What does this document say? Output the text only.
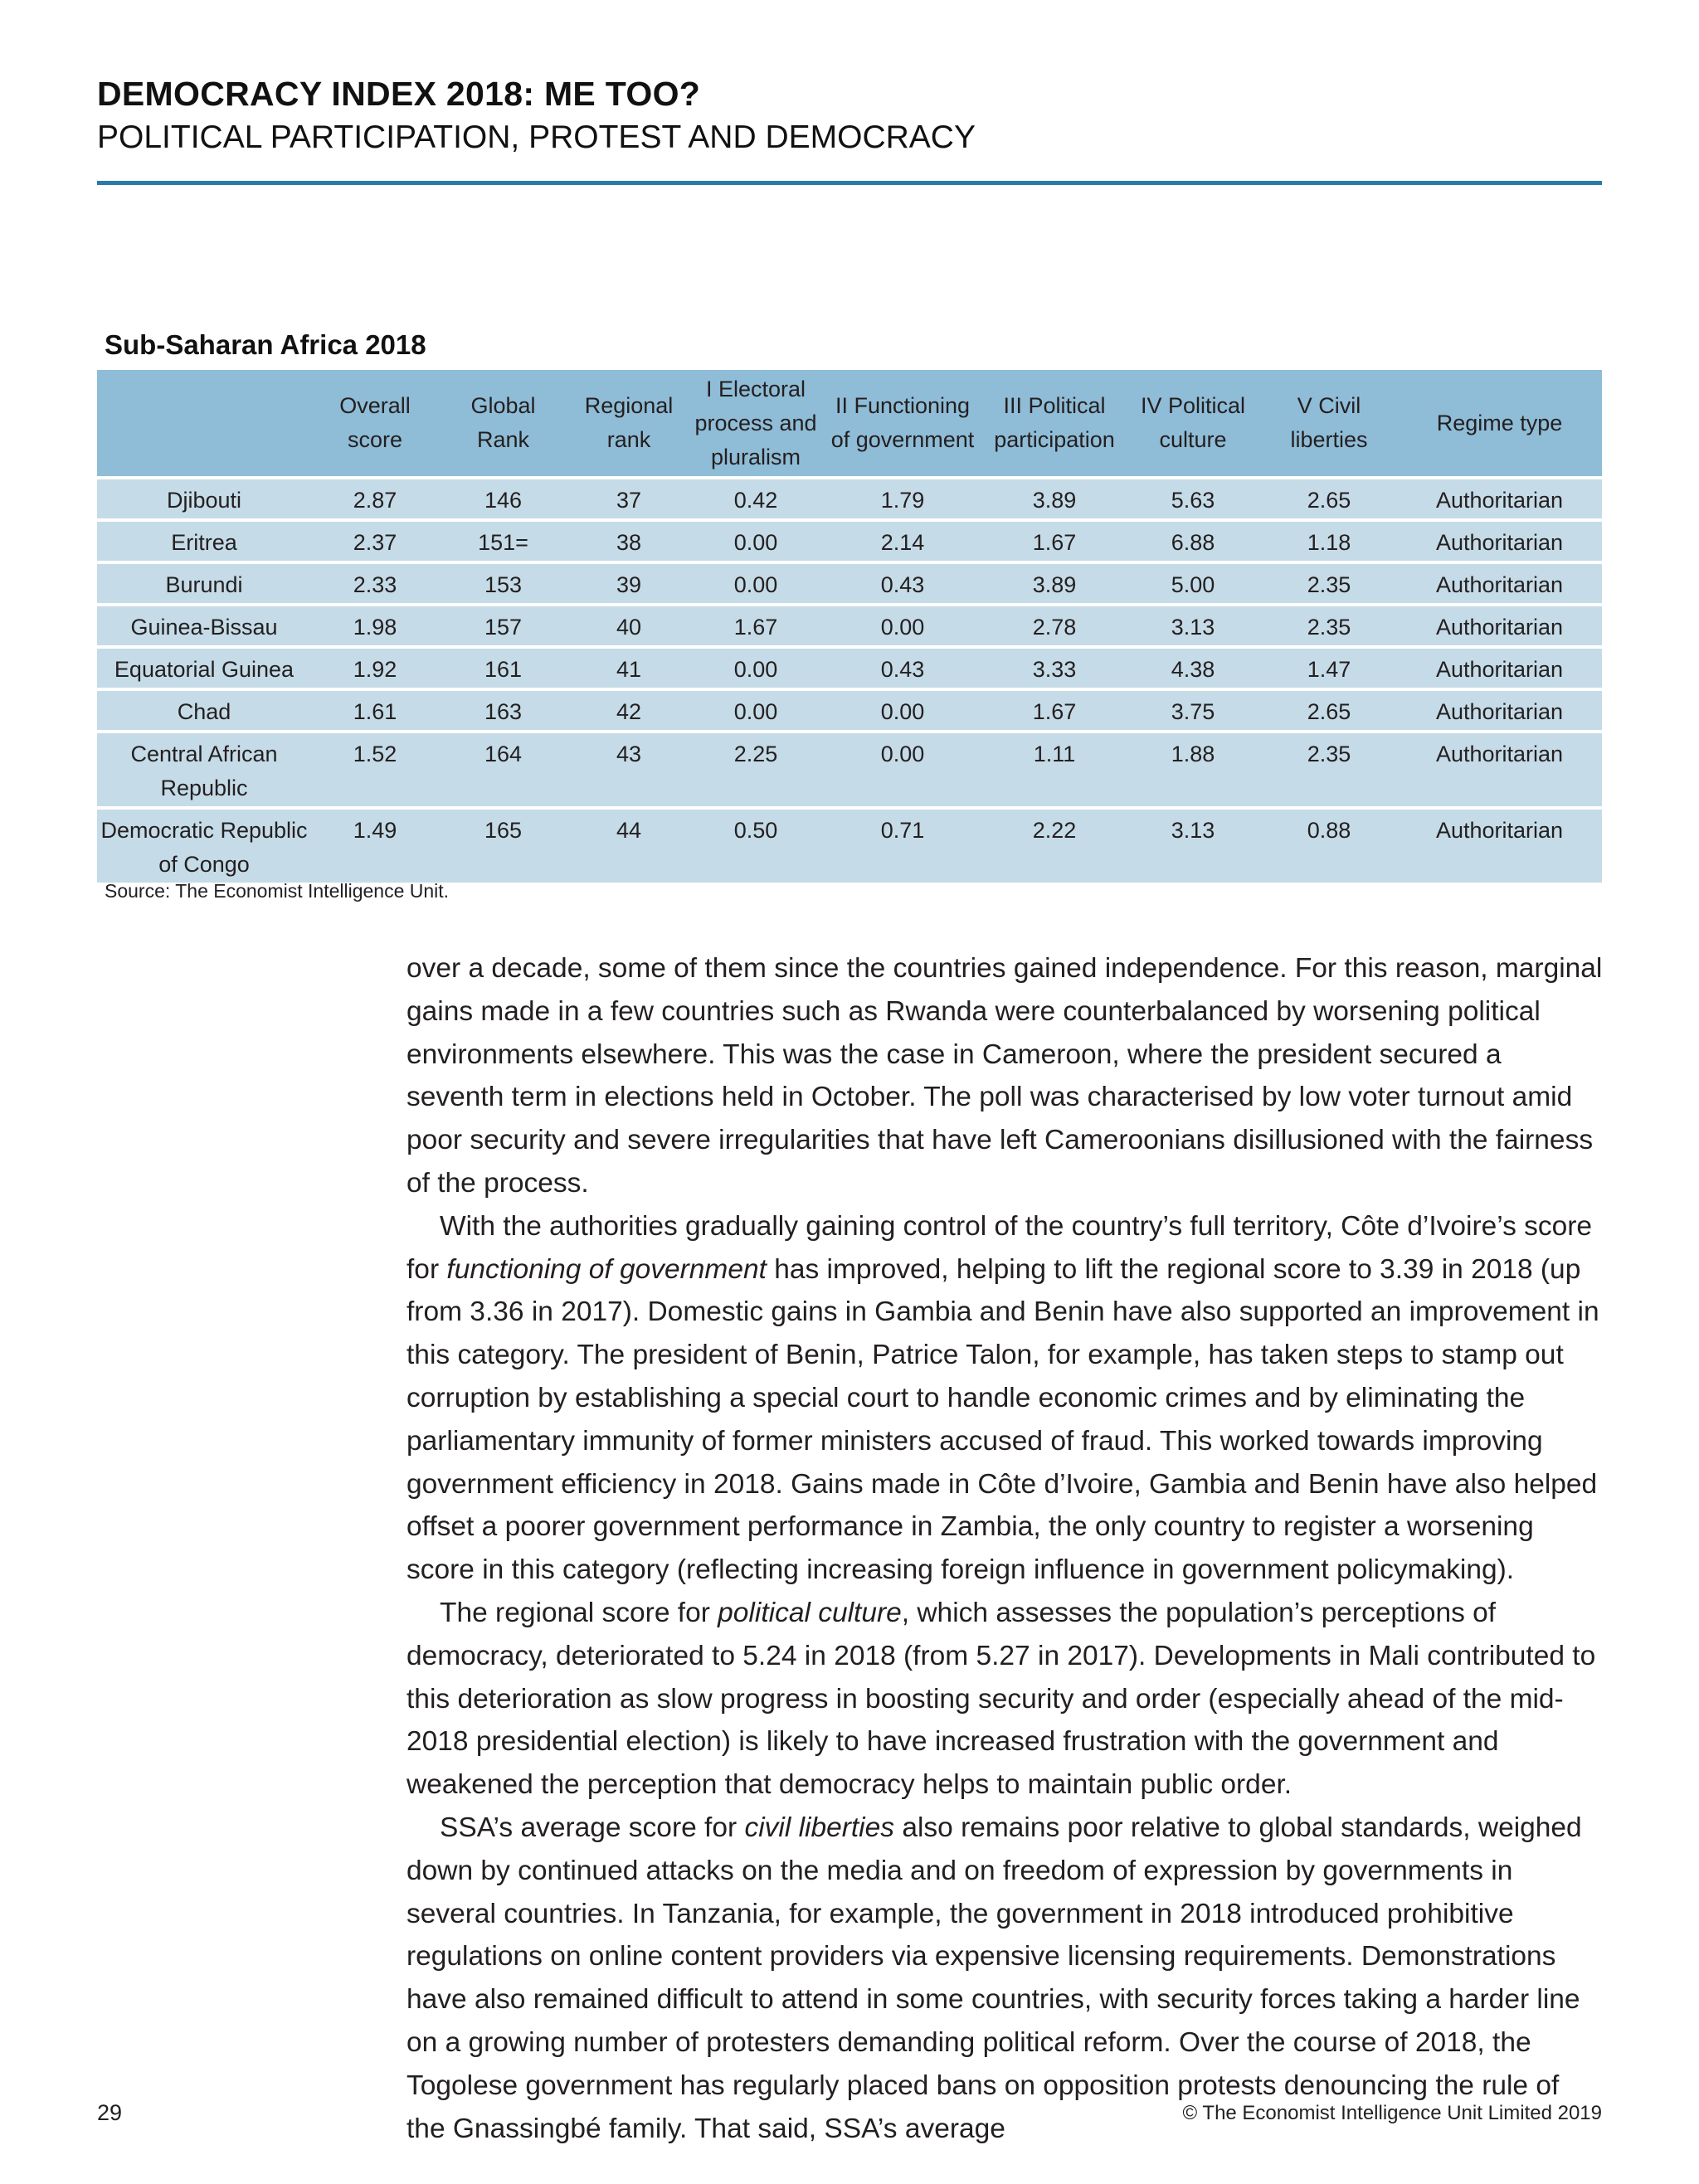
DEMOCRACY INDEX 2018: ME TOO?
POLITICAL PARTICIPATION, PROTEST AND DEMOCRACY
Sub-Saharan Africa 2018
	Overall score	Global Rank	Regional rank	I Electoral process and pluralism	II Functioning of government	III Political participation	IV Political culture	V Civil liberties	Regime type
Djibouti	2.87	146	37	0.42	1.79	3.89	5.63	2.65	Authoritarian
Eritrea	2.37	151=	38	0.00	2.14	1.67	6.88	1.18	Authoritarian
Burundi	2.33	153	39	0.00	0.43	3.89	5.00	2.35	Authoritarian
Guinea-Bissau	1.98	157	40	1.67	0.00	2.78	3.13	2.35	Authoritarian
Equatorial Guinea	1.92	161	41	0.00	0.43	3.33	4.38	1.47	Authoritarian
Chad	1.61	163	42	0.00	0.00	1.67	3.75	2.65	Authoritarian
Central African Republic	1.52	164	43	2.25	0.00	1.11	1.88	2.35	Authoritarian
Democratic Republic of Congo	1.49	165	44	0.50	0.71	2.22	3.13	0.88	Authoritarian
Source: The Economist Intelligence Unit.

over a decade, some of them since the countries gained independence. For this reason, marginal gains made in a few countries such as Rwanda were counterbalanced by worsening political environments elsewhere. This was the case in Cameroon, where the president secured a seventh term in elections held in October. The poll was characterised by low voter turnout amid poor security and severe irregularities that have left Cameroonians disillusioned with the fairness of the process.

With the authorities gradually gaining control of the country’s full territory, Côte d’Ivoire’s score for functioning of government has improved, helping to lift the regional score to 3.39 in 2018 (up from 3.36 in 2017). Domestic gains in Gambia and Benin have also supported an improvement in this category. The president of Benin, Patrice Talon, for example, has taken steps to stamp out corruption by establishing a special court to handle economic crimes and by eliminating the parliamentary immunity of former ministers accused of fraud. This worked towards improving government efficiency in 2018. Gains made in Côte d’Ivoire, Gambia and Benin have also helped offset a poorer government performance in Zambia, the only country to register a worsening score in this category (reflecting increasing foreign influence in government policymaking).

The regional score for political culture, which assesses the population’s perceptions of democracy, deteriorated to 5.24 in 2018 (from 5.27 in 2017). Developments in Mali contributed to this deterioration as slow progress in boosting security and order (especially ahead of the mid-2018 presidential election) is likely to have increased frustration with the government and weakened the perception that democracy helps to maintain public order.

SSA’s average score for civil liberties also remains poor relative to global standards, weighed down by continued attacks on the media and on freedom of expression by governments in several countries. In Tanzania, for example, the government in 2018 introduced prohibitive regulations on online content providers via expensive licensing requirements. Demonstrations have also remained difficult to attend in some countries, with security forces taking a harder line on a growing number of protesters demanding political reform. Over the course of 2018, the Togolese government has regularly placed bans on opposition protests denouncing the rule of the Gnassingbé family. That said, SSA’s average

29	© The Economist Intelligence Unit Limited 2019
